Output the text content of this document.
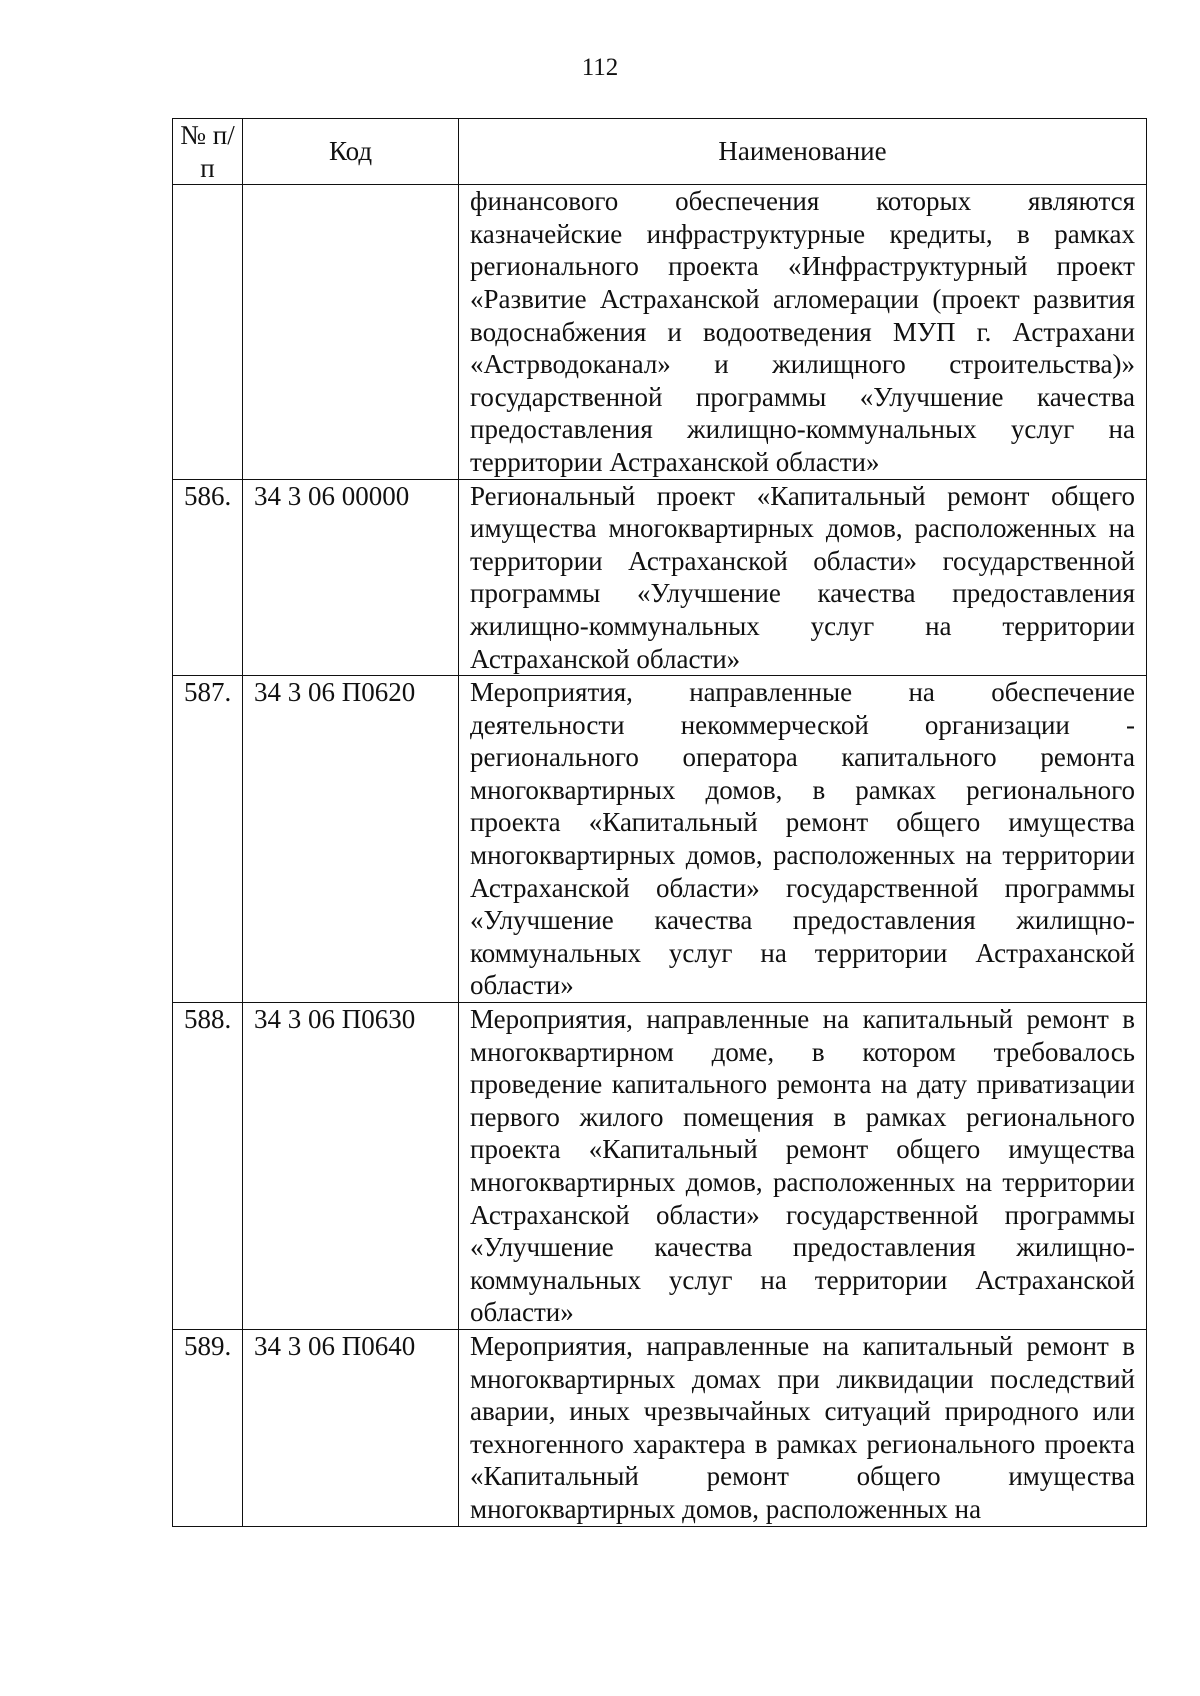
112
№ п/п	Код	Наименование
		финансового обеспечения которых являются казначейские инфраструктурные кредиты, в рамках регионального проекта «Инфраструктурный проект «Развитие Астраханской агломерации (проект развития водоснабжения и водоотведения МУП г. Астрахани «Астрводоканал» и жилищного строительства)» государственной программы «Улучшение качества предоставления жилищно-коммунальных услуг на территории Астраханской области»
586.	34 3 06 00000	Региональный проект «Капитальный ремонт общего имущества многоквартирных домов, расположенных на территории Астраханской области» государственной программы «Улучшение качества предоставления жилищно-коммунальных услуг на территории Астраханской области»
587.	34 3 06 П0620	Мероприятия, направленные на обеспечение деятельности некоммерческой организации - регионального оператора капитального ремонта многоквартирных домов, в рамках регионального проекта «Капитальный ремонт общего имущества многоквартирных домов, расположенных на территории Астраханской области» государственной программы «Улучшение качества предоставления жилищно-коммунальных услуг на территории Астраханской области»
588.	34 3 06 П0630	Мероприятия, направленные на капитальный ремонт в многоквартирном доме, в котором требовалось проведение капитального ремонта на дату приватизации первого жилого помещения в рамках регионального проекта «Капитальный ремонт общего имущества многоквартирных домов, расположенных на территории Астраханской области» государственной программы «Улучшение качества предоставления жилищно-коммунальных услуг на территории Астраханской области»
589.	34 3 06 П0640	Мероприятия, направленные на капитальный ремонт в многоквартирных домах при ликвидации последствий аварии, иных чрезвычайных ситуаций природного или техногенного характера в рамках регионального проекта «Капитальный ремонт общего имущества многоквартирных домов, расположенных на
